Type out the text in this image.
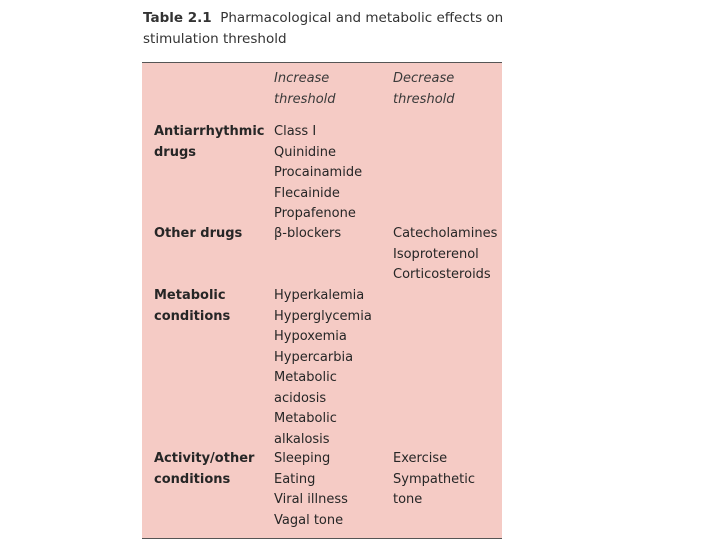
Table 2.1 Pharmacological and metabolic effects on
stimulation threshold
Increase
threshold
Decrease
threshold
Antiarrhythmic
drugs
Class I
Quinidine
Procainamide
Flecainide
Propafenone
Other drugs	β-blockers	Catecholamines
Isoproterenol
Corticosteroids
Metabolic
conditions
Hyperkalemia
Hyperglycemia
Hypoxemia
Hypercarbia
Metabolic
acidosis
Metabolic
alkalosis
Activity/other
conditions
Sleeping
Eating
Viral illness
Vagal tone
Exercise
Sympathetic
tone
